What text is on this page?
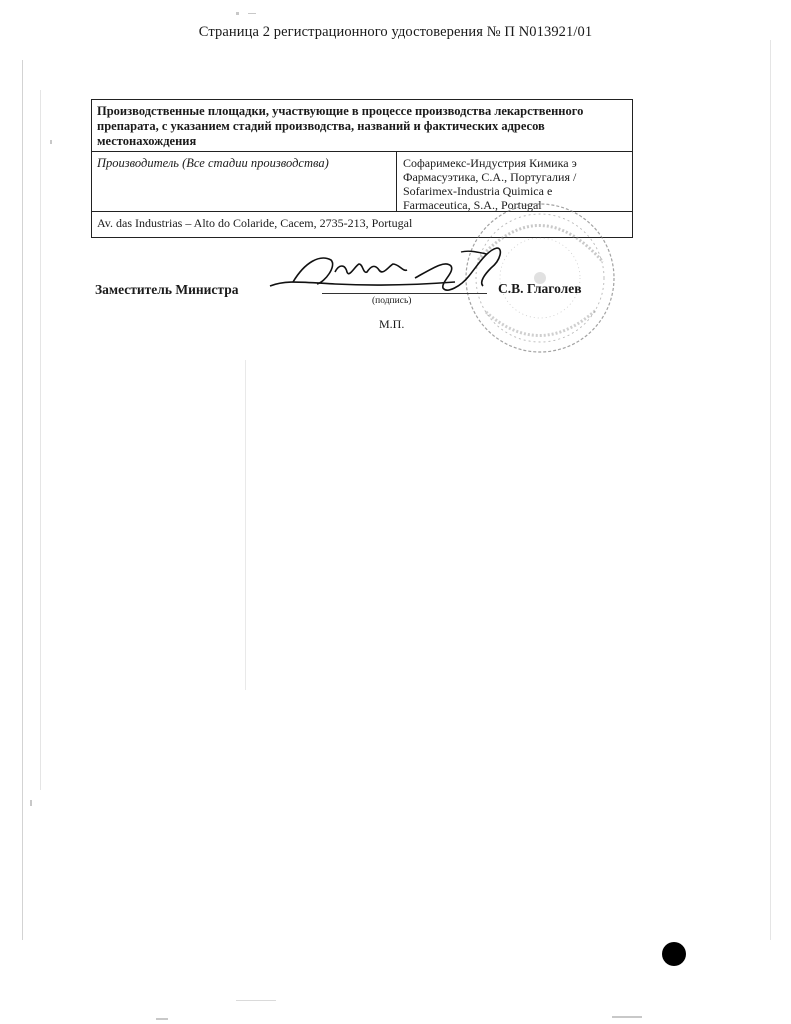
Страница 2 регистрационного удостоверения № П N013921/01
Производственные площадки, участвующие в процессе производства лекарственного препарата, с указанием стадий производства, названий и фактических адресов местонахождения
Производитель (Все стадии производства)	Софаримекс-Индустрия Кимика э
Фармасуэтика, С.А., Португалия /
Sofarimex-Industria Quimica e
Farmaceutica, S.A., Portugal
Av. das Industrias – Alto do Colaride, Cacem, 2735-213, Portugal
Заместитель Министра
(подпись)
М.П.
С.В. Глаголев
